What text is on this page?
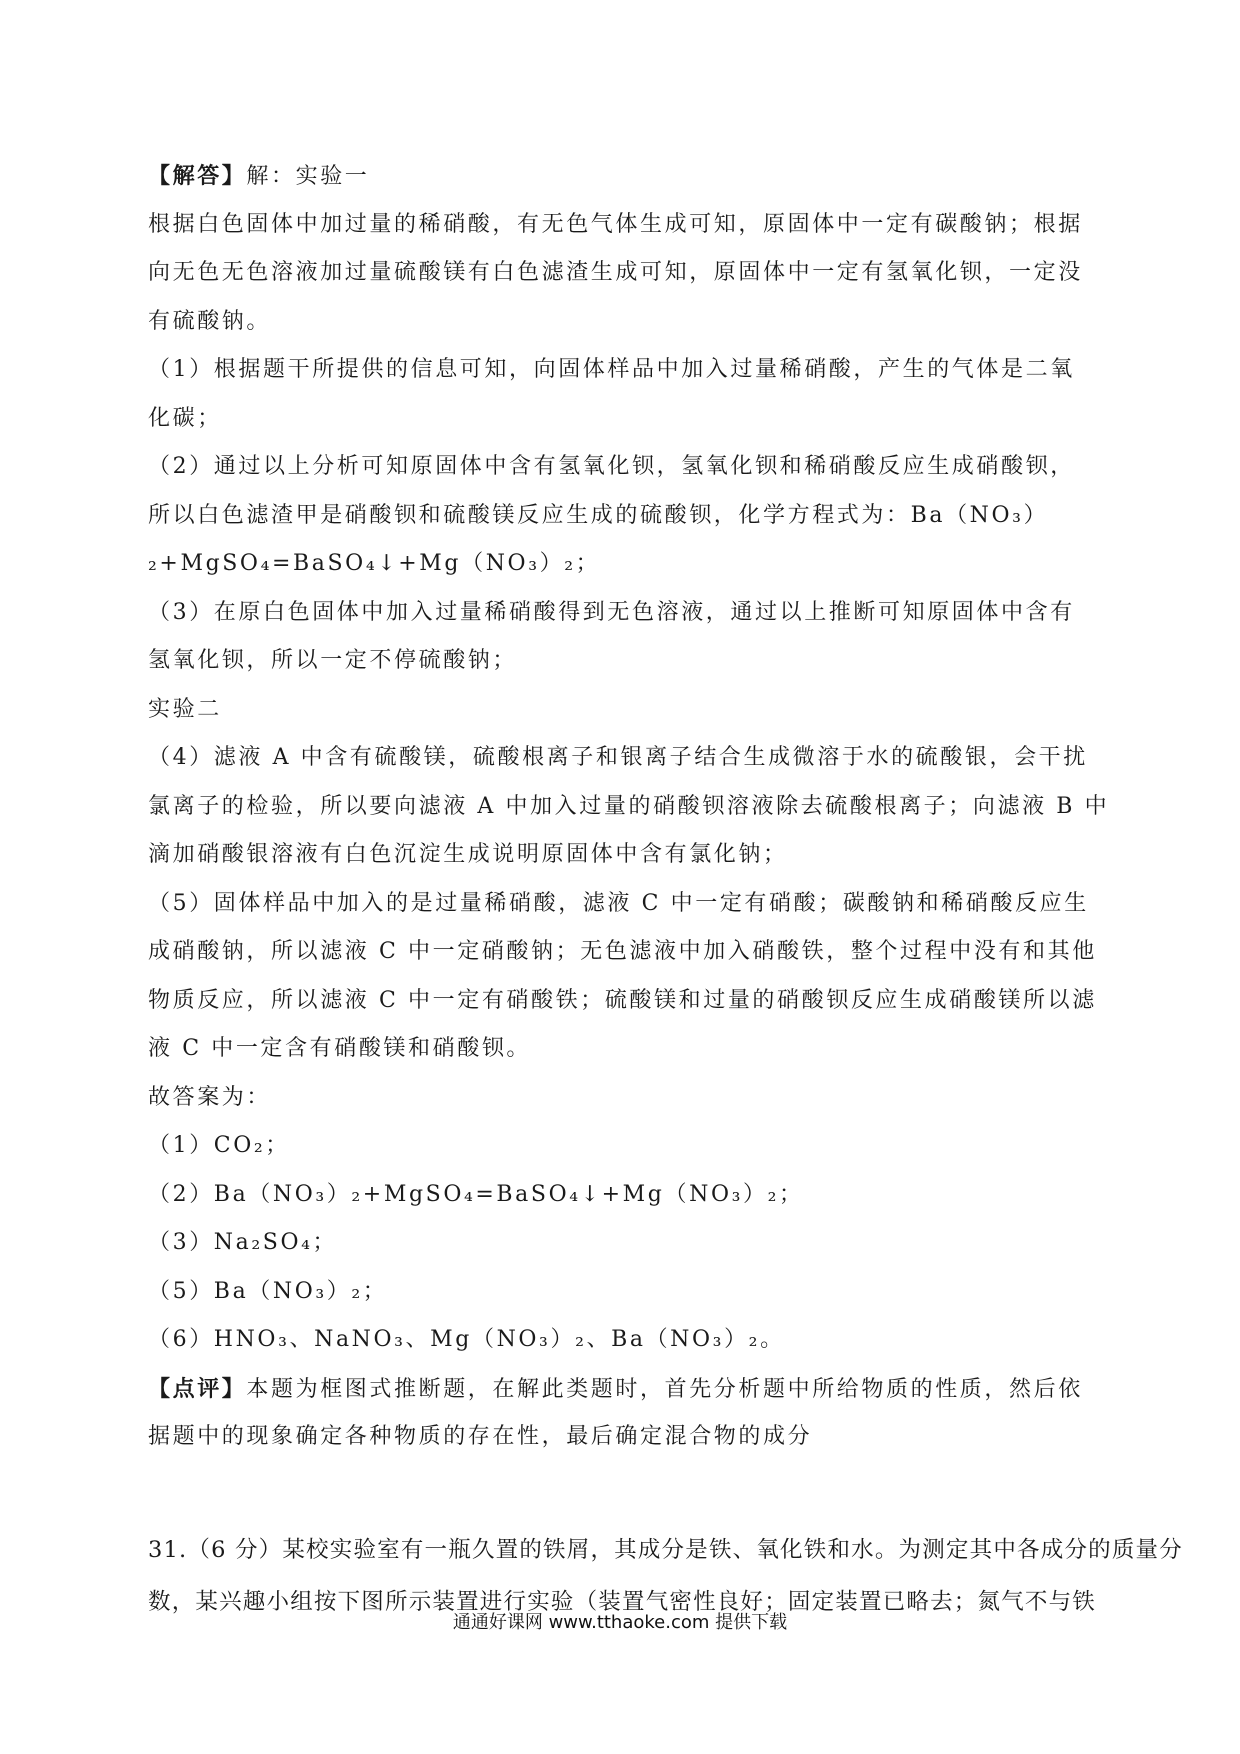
【解答】解：实验一
根据白色固体中加过量的稀硝酸，有无色气体生成可知，原固体中一定有碳酸钠；根据
向无色无色溶液加过量硫酸镁有白色滤渣生成可知，原固体中一定有氢氧化钡，一定没
有硫酸钠。
（1）根据题干所提供的信息可知，向固体样品中加入过量稀硝酸，产生的气体是二氧
化碳；
（2）通过以上分析可知原固体中含有氢氧化钡，氢氧化钡和稀硝酸反应生成硝酸钡，
所以白色滤渣甲是硝酸钡和硫酸镁反应生成的硫酸钡，化学方程式为：Ba（NO₃）
₂+MgSO₄=BaSO₄↓+Mg（NO₃）₂；
（3）在原白色固体中加入过量稀硝酸得到无色溶液，通过以上推断可知原固体中含有
氢氧化钡，所以一定不停硫酸钠；
实验二
（4）滤液 A 中含有硫酸镁，硫酸根离子和银离子结合生成微溶于水的硫酸银，会干扰
氯离子的检验，所以要向滤液 A 中加入过量的硝酸钡溶液除去硫酸根离子；向滤液 B 中
滴加硝酸银溶液有白色沉淀生成说明原固体中含有氯化钠；
（5）固体样品中加入的是过量稀硝酸，滤液 C 中一定有硝酸；碳酸钠和稀硝酸反应生
成硝酸钠，所以滤液 C 中一定硝酸钠；无色滤液中加入硝酸铁，整个过程中没有和其他
物质反应，所以滤液 C 中一定有硝酸铁；硫酸镁和过量的硝酸钡反应生成硝酸镁所以滤
液 C 中一定含有硝酸镁和硝酸钡。
故答案为：
（1）CO₂；
（2）Ba（NO₃）₂+MgSO₄=BaSO₄↓+Mg（NO₃）₂；
（3）Na₂SO₄；
（5）Ba（NO₃）₂；
（6）HNO₃、NaNO₃、Mg（NO₃）₂、Ba（NO₃）₂。
【点评】本题为框图式推断题，在解此类题时，首先分析题中所给物质的性质，然后依
据题中的现象确定各种物质的存在性，最后确定混合物的成分
31.（6 分）某校实验室有一瓶久置的铁屑，其成分是铁、氧化铁和水。为测定其中各成分的质量分
数，某兴趣小组按下图所示装置进行实验（装置气密性良好；固定装置已略去；氮气不与铁
通通好课网 www.tthaoke.com 提供下载
